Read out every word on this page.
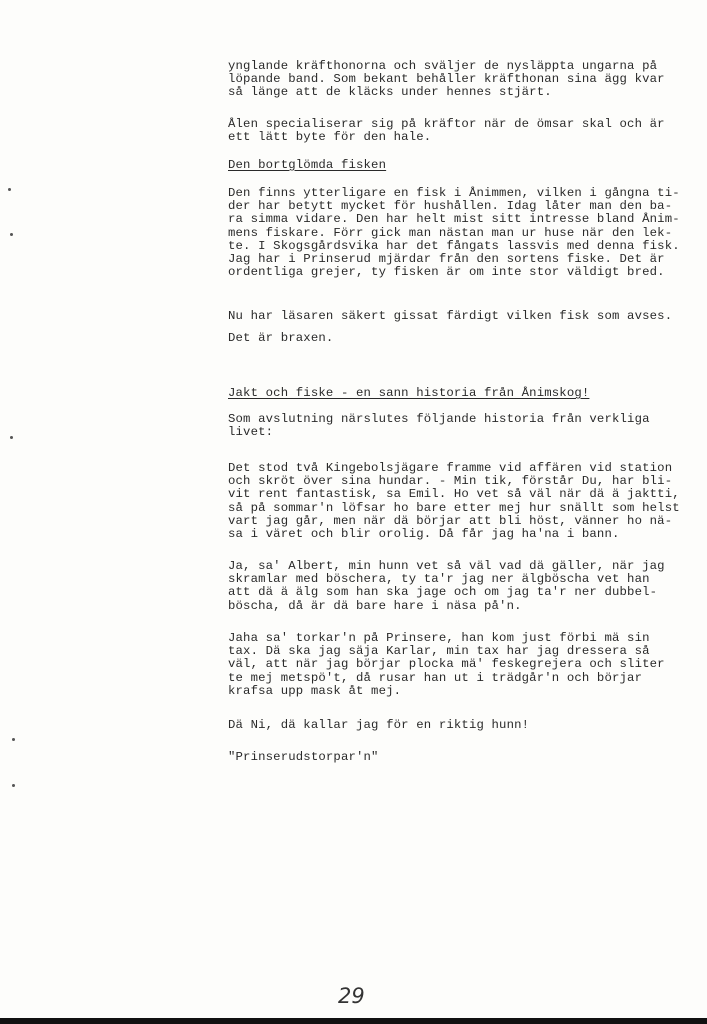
ynglande kräfthonorna och sväljer de nysläppta ungarna på
löpande band. Som bekant behåller kräfthonan sina ägg kvar
så länge att de kläcks under hennes stjärt.

Ålen specialiserar sig på kräftor när de ömsar skal och är
ett lätt byte för den hale.

Den bortglömda fisken

Den finns ytterligare en fisk i Ånimmen, vilken i gångna ti-
der har betytt mycket för hushållen. Idag låter man den ba-
ra simma vidare. Den har helt mist sitt intresse bland Ånim-
mens fiskare. Förr gick man nästan man ur huse när den lek-
te. I Skogsgårdsvika har det fångats lassvis med denna fisk.
Jag har i Prinserud mjärdar från den sortens fiske. Det är
ordentliga grejer, ty fisken är om inte stor väldigt bred.

Nu har läsaren säkert gissat färdigt vilken fisk som avses.

Det är braxen.

Jakt och fiske - en sann historia från Ånimskog!

Som avslutning närslutes följande historia från verkliga
livet:

Det stod två Kingebolsjägare framme vid affären vid station
och skröt över sina hundar. - Min tik, förstår Du, har bli-
vit rent fantastisk, sa Emil. Ho vet så väl när dä ä jaktti,
så på sommar'n löfsar ho bare etter mej hur snällt som helst
vart jag går, men när dä börjar att bli höst, vänner ho nä-
sa i väret och blir orolig. Då får jag ha'na i bann.

Ja, sa' Albert, min hunn vet så väl vad dä gäller, när jag
skramlar med böschera, ty ta'r jag ner älgböscha vet han
att dä ä älg som han ska jage och om jag ta'r ner dubbel-
böscha, då är dä bare hare i näsa på'n.

Jaha sa' torkar'n på Prinsere, han kom just förbi mä sin
tax. Dä ska jag säja Karlar, min tax har jag dressera så
väl, att när jag börjar plocka mä' feskegrejera och sliter
te mej metspö't, då rusar han ut i trädgår'n och börjar
krafsa upp mask åt mej.

Dä Ni, dä kallar jag för en riktig hunn!

"Prinserudstorpar'n"

29
